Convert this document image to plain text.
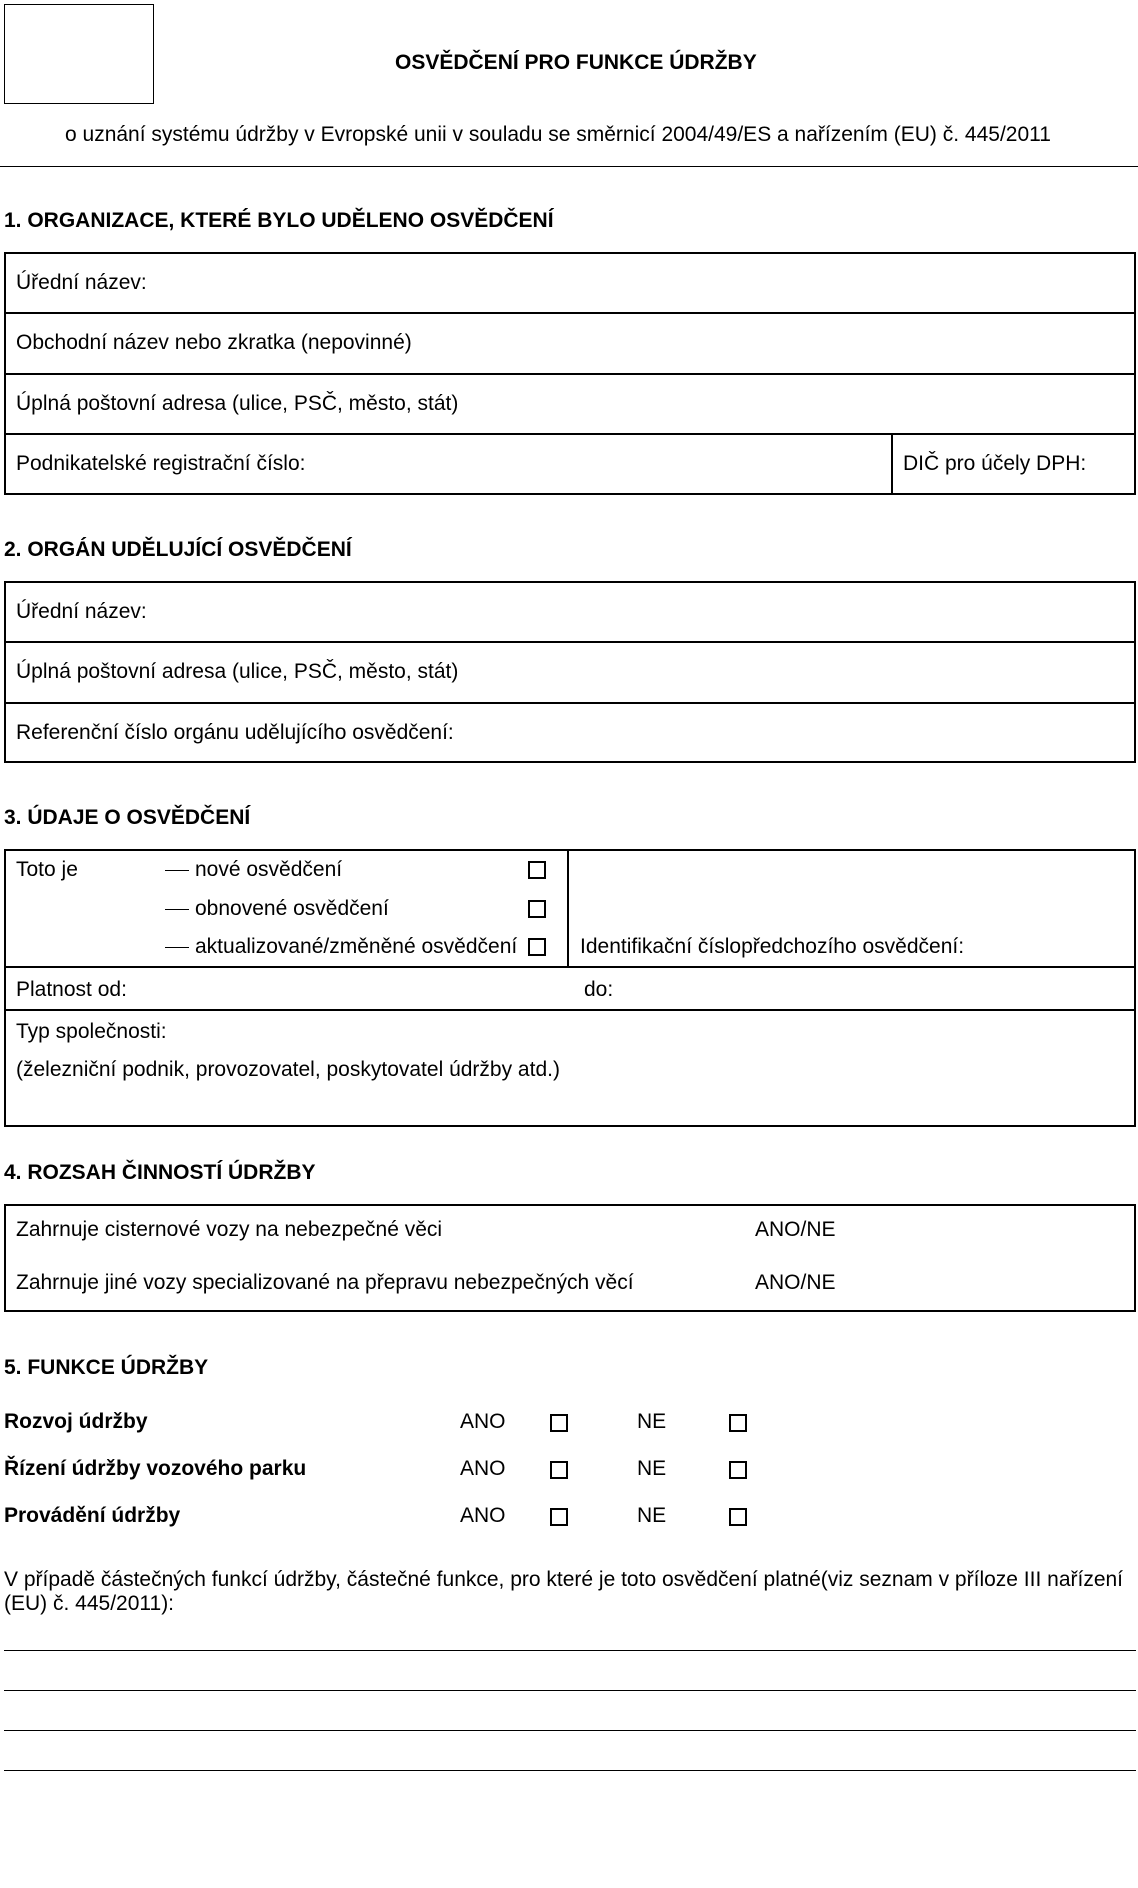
OSVĚDČENÍ PRO FUNKCE ÚDRŽBY
o uznání systému údržby v Evropské unii v souladu se směrnicí 2004/49/ES a nařízením (EU) č. 445/2011
1. ORGANIZACE, KTERÉ BYLO UDĚLENO OSVĚDČENÍ
Úřední název:
Obchodní název nebo zkratka (nepovinné)
Úplná poštovní adresa (ulice, PSČ, město, stát)
Podnikatelské registrační číslo:	DIČ pro účely DPH:
2. ORGÁN UDĚLUJÍCÍ OSVĚDČENÍ
Úřední název:
Úplná poštovní adresa (ulice, PSČ, město, stát)
Referenční číslo orgánu udělujícího osvědčení:
3. ÚDAJE O OSVĚDČENÍ
Toto je	nové osvědčení
obnovené osvědčení
aktualizované/změněné osvědčení	Identifikační číslopředchozího osvědčení:
Platnost od:	do:
Typ společnosti:
(železniční podnik, provozovatel, poskytovatel údržby atd.)
4. ROZSAH ČINNOSTÍ ÚDRŽBY
Zahrnuje cisternové vozy na nebezpečné věci	ANO/NE
Zahrnuje jiné vozy specializované na přepravu nebezpečných věcí	ANO/NE
5. FUNKCE ÚDRŽBY
Rozvoj údržby	ANO	NE
Řízení údržby vozového parku	ANO	NE
Provádění údržby	ANO	NE
V případě částečných funkcí údržby, částečné funkce, pro které je toto osvědčení platné(viz seznam v příloze III nařízení (EU) č. 445/2011):
